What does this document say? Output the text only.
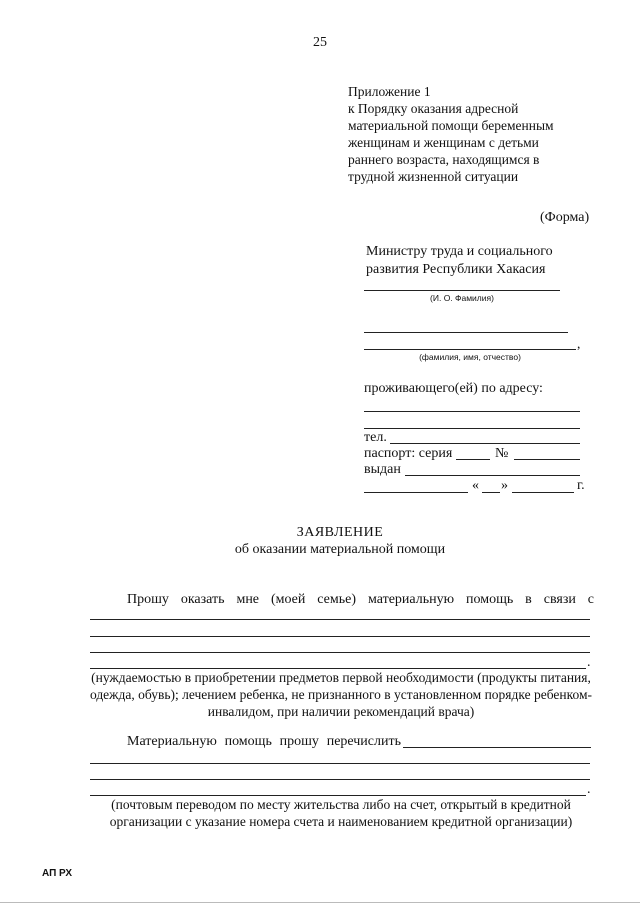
25
Приложение 1
к Порядку оказания адресной
материальной помощи беременным
женщинам и женщинам с детьми
раннего возраста, находящимся в
трудной жизненной ситуации
(Форма)
Министру труда и социального
развития Республики Хакасия
(И. О. Фамилия)
,
(фамилия, имя, отчество)
проживающего(ей) по адресу:
тел.
паспорт: серия	№
выдан
« »	г.
ЗАЯВЛЕНИЕ
об оказании материальной помощи
Прошу оказать мне (моей семье) материальную помощь в связи с
.
(нуждаемостью в приобретении предметов первой необходимости (продукты питания, одежда, обувь); лечением ребенка, не признанного в установленном порядке ребенком-инвалидом, при наличии рекомендаций врача)
Материальную помощь прошу перечислить
.
(почтовым переводом по месту жительства либо на счет, открытый в кредитной организации с указание номера счета и наименованием кредитной организации)
АП РХ
